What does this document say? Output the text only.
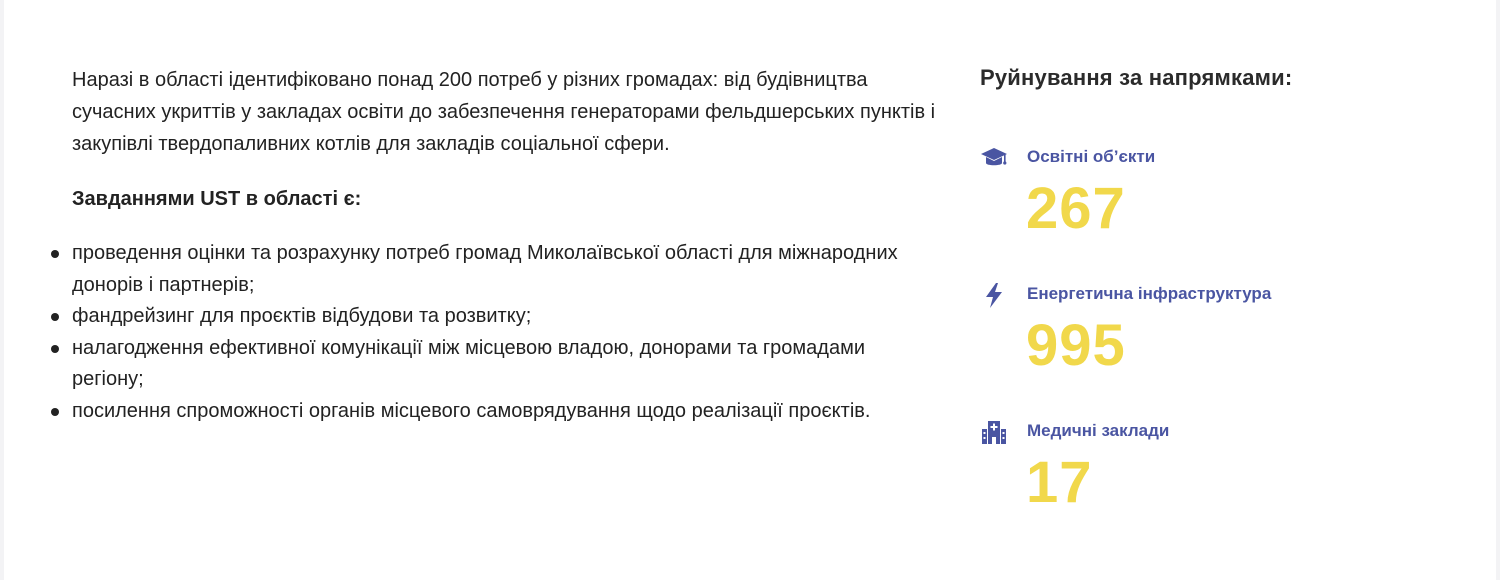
Наразі в області ідентифіковано понад 200 потреб у різних громадах: від будівництва сучасних укриттів у закладах освіти до забезпечення генераторами фельдшерських пунктів і закупівлі твердопаливних котлів для закладів соціальної сфери.

Завданнями UST в області є:

проведення оцінки та розрахунку потреб громад Миколаївської області для міжнародних донорів і партнерів;
фандрейзинг для проєктів відбудови та розвитку;
налагодження ефективної комунікації між місцевою владою, донорами та громадами регіону;
посилення спроможності органів місцевого самоврядування щодо реалізації проєктів.
Руйнування за напрямками:
Освітні об’єкти
267
Енергетична інфраструктура
995
Медичні заклади
17
